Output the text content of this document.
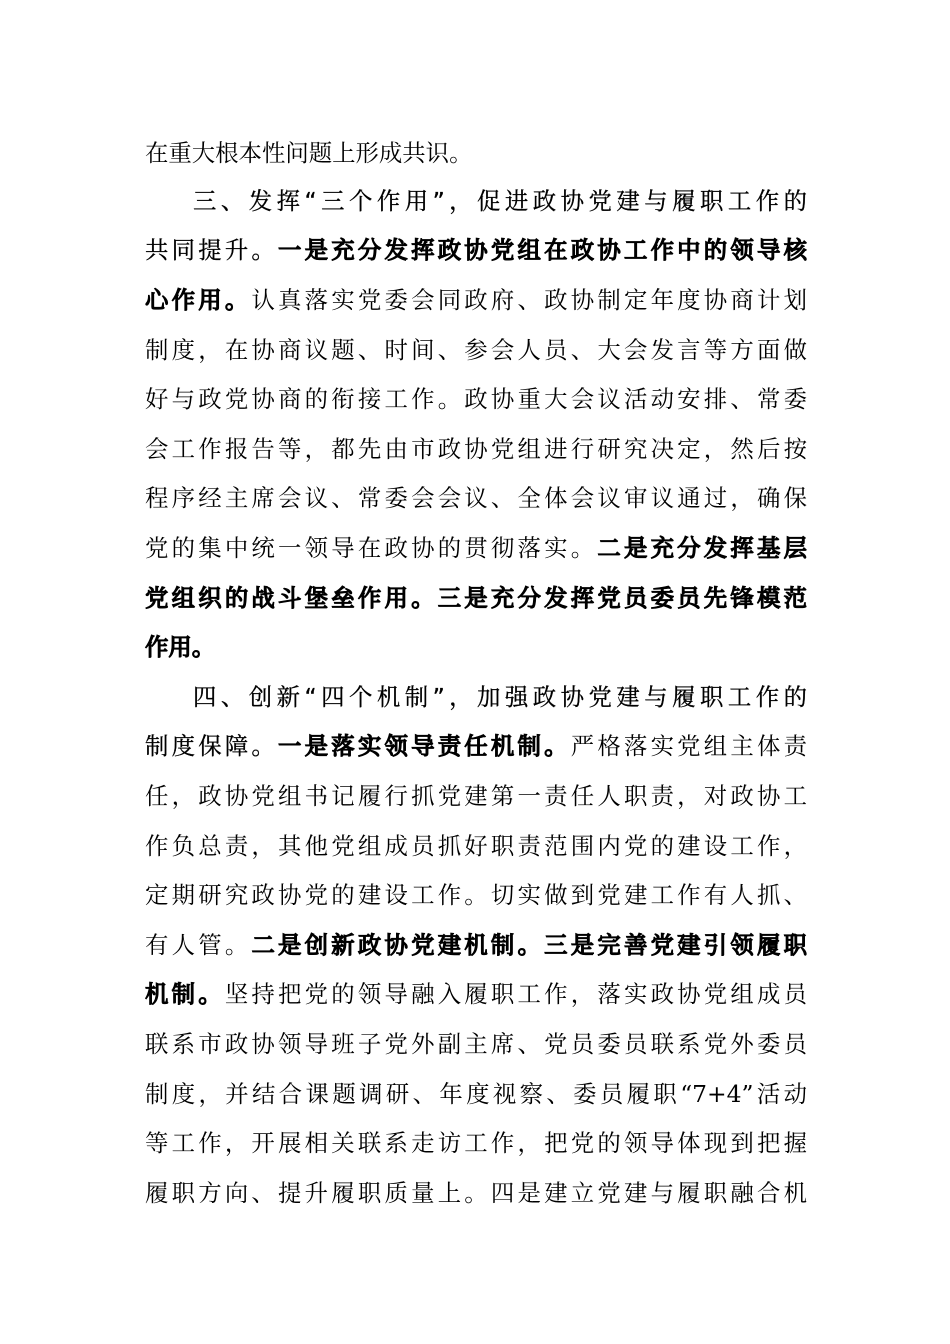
在重大根本性问题上形成共识。
三、发挥“三个作用”，促进政协党建与履职工作的
共同提升。一是充分发挥政协党组在政协工作中的领导核
心作用。认真落实党委会同政府、政协制定年度协商计划
制度，在协商议题、时间、参会人员、大会发言等方面做
好与政党协商的衔接工作。政协重大会议活动安排、常委
会工作报告等，都先由市政协党组进行研究决定，然后按
程序经主席会议、常委会会议、全体会议审议通过，确保
党的集中统一领导在政协的贯彻落实。二是充分发挥基层
党组织的战斗堡垒作用。三是充分发挥党员委员先锋模范
作用。
四、创新“四个机制”，加强政协党建与履职工作的
制度保障。一是落实领导责任机制。严格落实党组主体责
任，政协党组书记履行抓党建第一责任人职责，对政协工
作负总责，其他党组成员抓好职责范围内党的建设工作，
定期研究政协党的建设工作。切实做到党建工作有人抓、
有人管。二是创新政协党建机制。三是完善党建引领履职
机制。坚持把党的领导融入履职工作，落实政协党组成员
联系市政协领导班子党外副主席、党员委员联系党外委员
制度，并结合课题调研、年度视察、委员履职“7+4”活动
等工作，开展相关联系走访工作，把党的领导体现到把握
履职方向、提升履职质量上。四是建立党建与履职融合机
